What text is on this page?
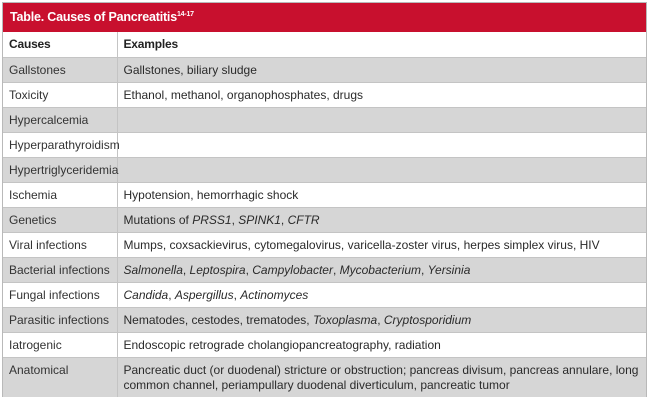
Table. Causes of Pancreatitis$^{14-17}$
Causes	Examples
Gallstones	Gallstones, biliary sludge
Toxicity	Ethanol, methanol, organophosphates, drugs
Hypercalcemia	
Hyperparathyroidism	
Hypertriglyceridemia	
Ischemia	Hypotension, hemorrhagic shock
Genetics	Mutations of PRSS1, SPINK1, CFTR
Viral infections	Mumps, coxsackievirus, cytomegalovirus, varicella-zoster virus, herpes simplex virus, HIV
Bacterial infections	Salmonella, Leptospira, Campylobacter, Mycobacterium, Yersinia
Fungal infections	Candida, Aspergillus, Actinomyces
Parasitic infections	Nematodes, cestodes, trematodes, Toxoplasma, Cryptosporidium
Iatrogenic	Endoscopic retrograde cholangiopancreatography, radiation
Anatomical	Pancreatic duct (or duodenal) stricture or obstruction; pancreas divisum, pancreas annulare, long common channel, periampullary duodenal diverticulum, pancreatic tumor
